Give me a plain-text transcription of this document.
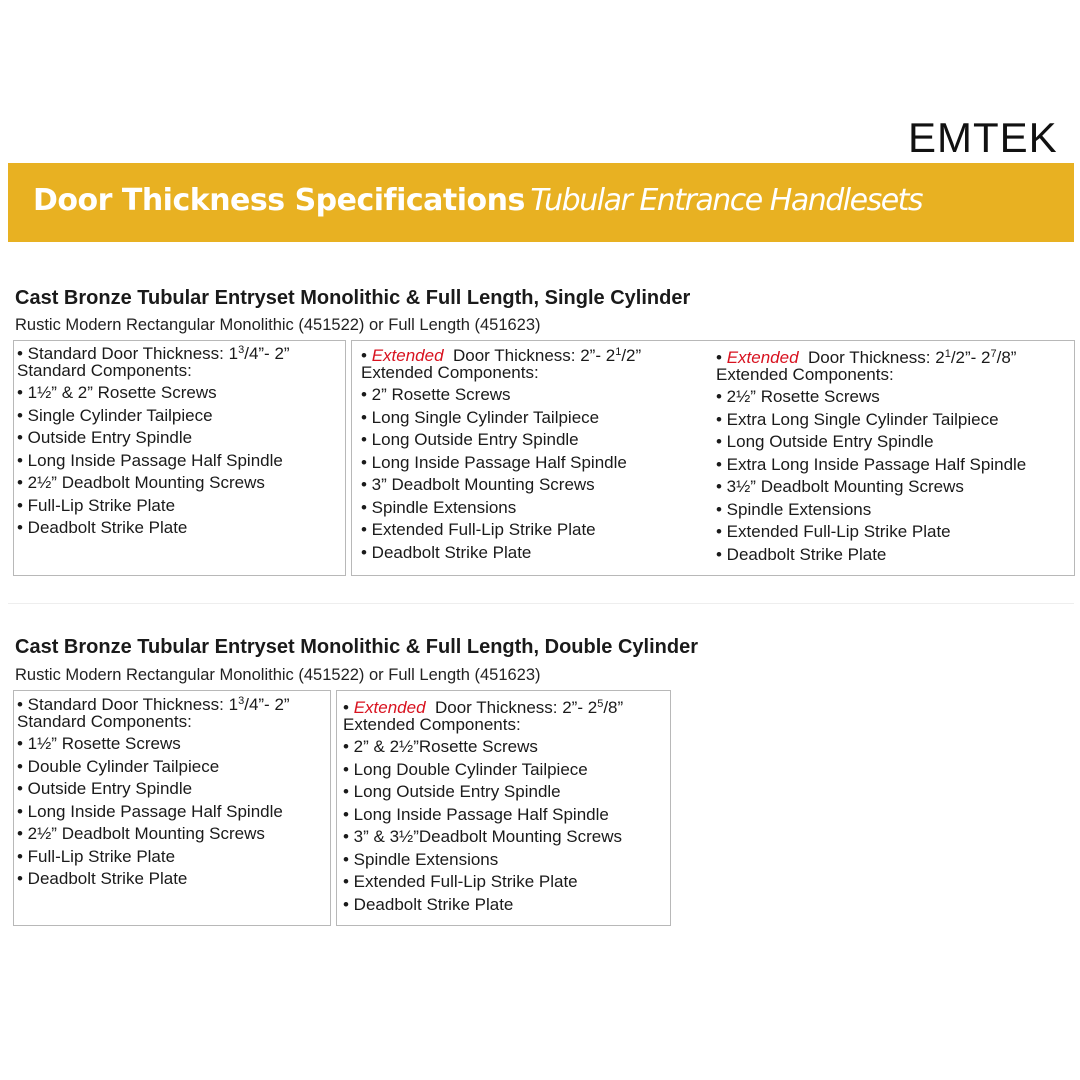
EMTEK
Door Thickness Specifications
- Tubular Entrance Handlesets
Cast Bronze Tubular Entryset Monolithic & Full Length, Single Cylinder
Rustic Modern Rectangular Monolithic (451522) or Full Length (451623)
• Standard Door Thickness: $1^3/4”-$ 2”
Standard Components:
• 1½” & 2” Rosette Screws
• Single Cylinder Tailpiece
• Outside Entry Spindle
• Long Inside Passage Half Spindle
• 2½” Deadbolt Mounting Screws
• Full-Lip Strike Plate
• Deadbolt Strike Plate
• Extended Door Thickness: 2”- $2^1/2$”
Extended Components:
• 2” Rosette Screws
• Long Single Cylinder Tailpiece
• Long Outside Entry Spindle
• Long Inside Passage Half Spindle
• 3” Deadbolt Mounting Screws
• Spindle Extensions
• Extended Full-Lip Strike Plate
• Deadbolt Strike Plate
• Extended Door Thickness: $2^1/2”-$ $2^7/8$”
Extended Components:
• 2½” Rosette Screws
• Extra Long Single Cylinder Tailpiece
• Long Outside Entry Spindle
• Extra Long Inside Passage Half Spindle
• 3½” Deadbolt Mounting Screws
• Spindle Extensions
• Extended Full-Lip Strike Plate
• Deadbolt Strike Plate
Cast Bronze Tubular Entryset Monolithic & Full Length, Double Cylinder
Rustic Modern Rectangular Monolithic (451522) or Full Length (451623)
• Standard Door Thickness: $1^3/4”-$ 2”
Standard Components:
• 1½” Rosette Screws
• Double Cylinder Tailpiece
• Outside Entry Spindle
• Long Inside Passage Half Spindle
• 2½” Deadbolt Mounting Screws
• Full-Lip Strike Plate
• Deadbolt Strike Plate
• Extended Door Thickness: 2”- $2^5/8$”
Extended Components:
• 2” & 2½”Rosette Screws
• Long Double Cylinder Tailpiece
• Long Outside Entry Spindle
• Long Inside Passage Half Spindle
• 3” & 3½”Deadbolt Mounting Screws
• Spindle Extensions
• Extended Full-Lip Strike Plate
• Deadbolt Strike Plate
